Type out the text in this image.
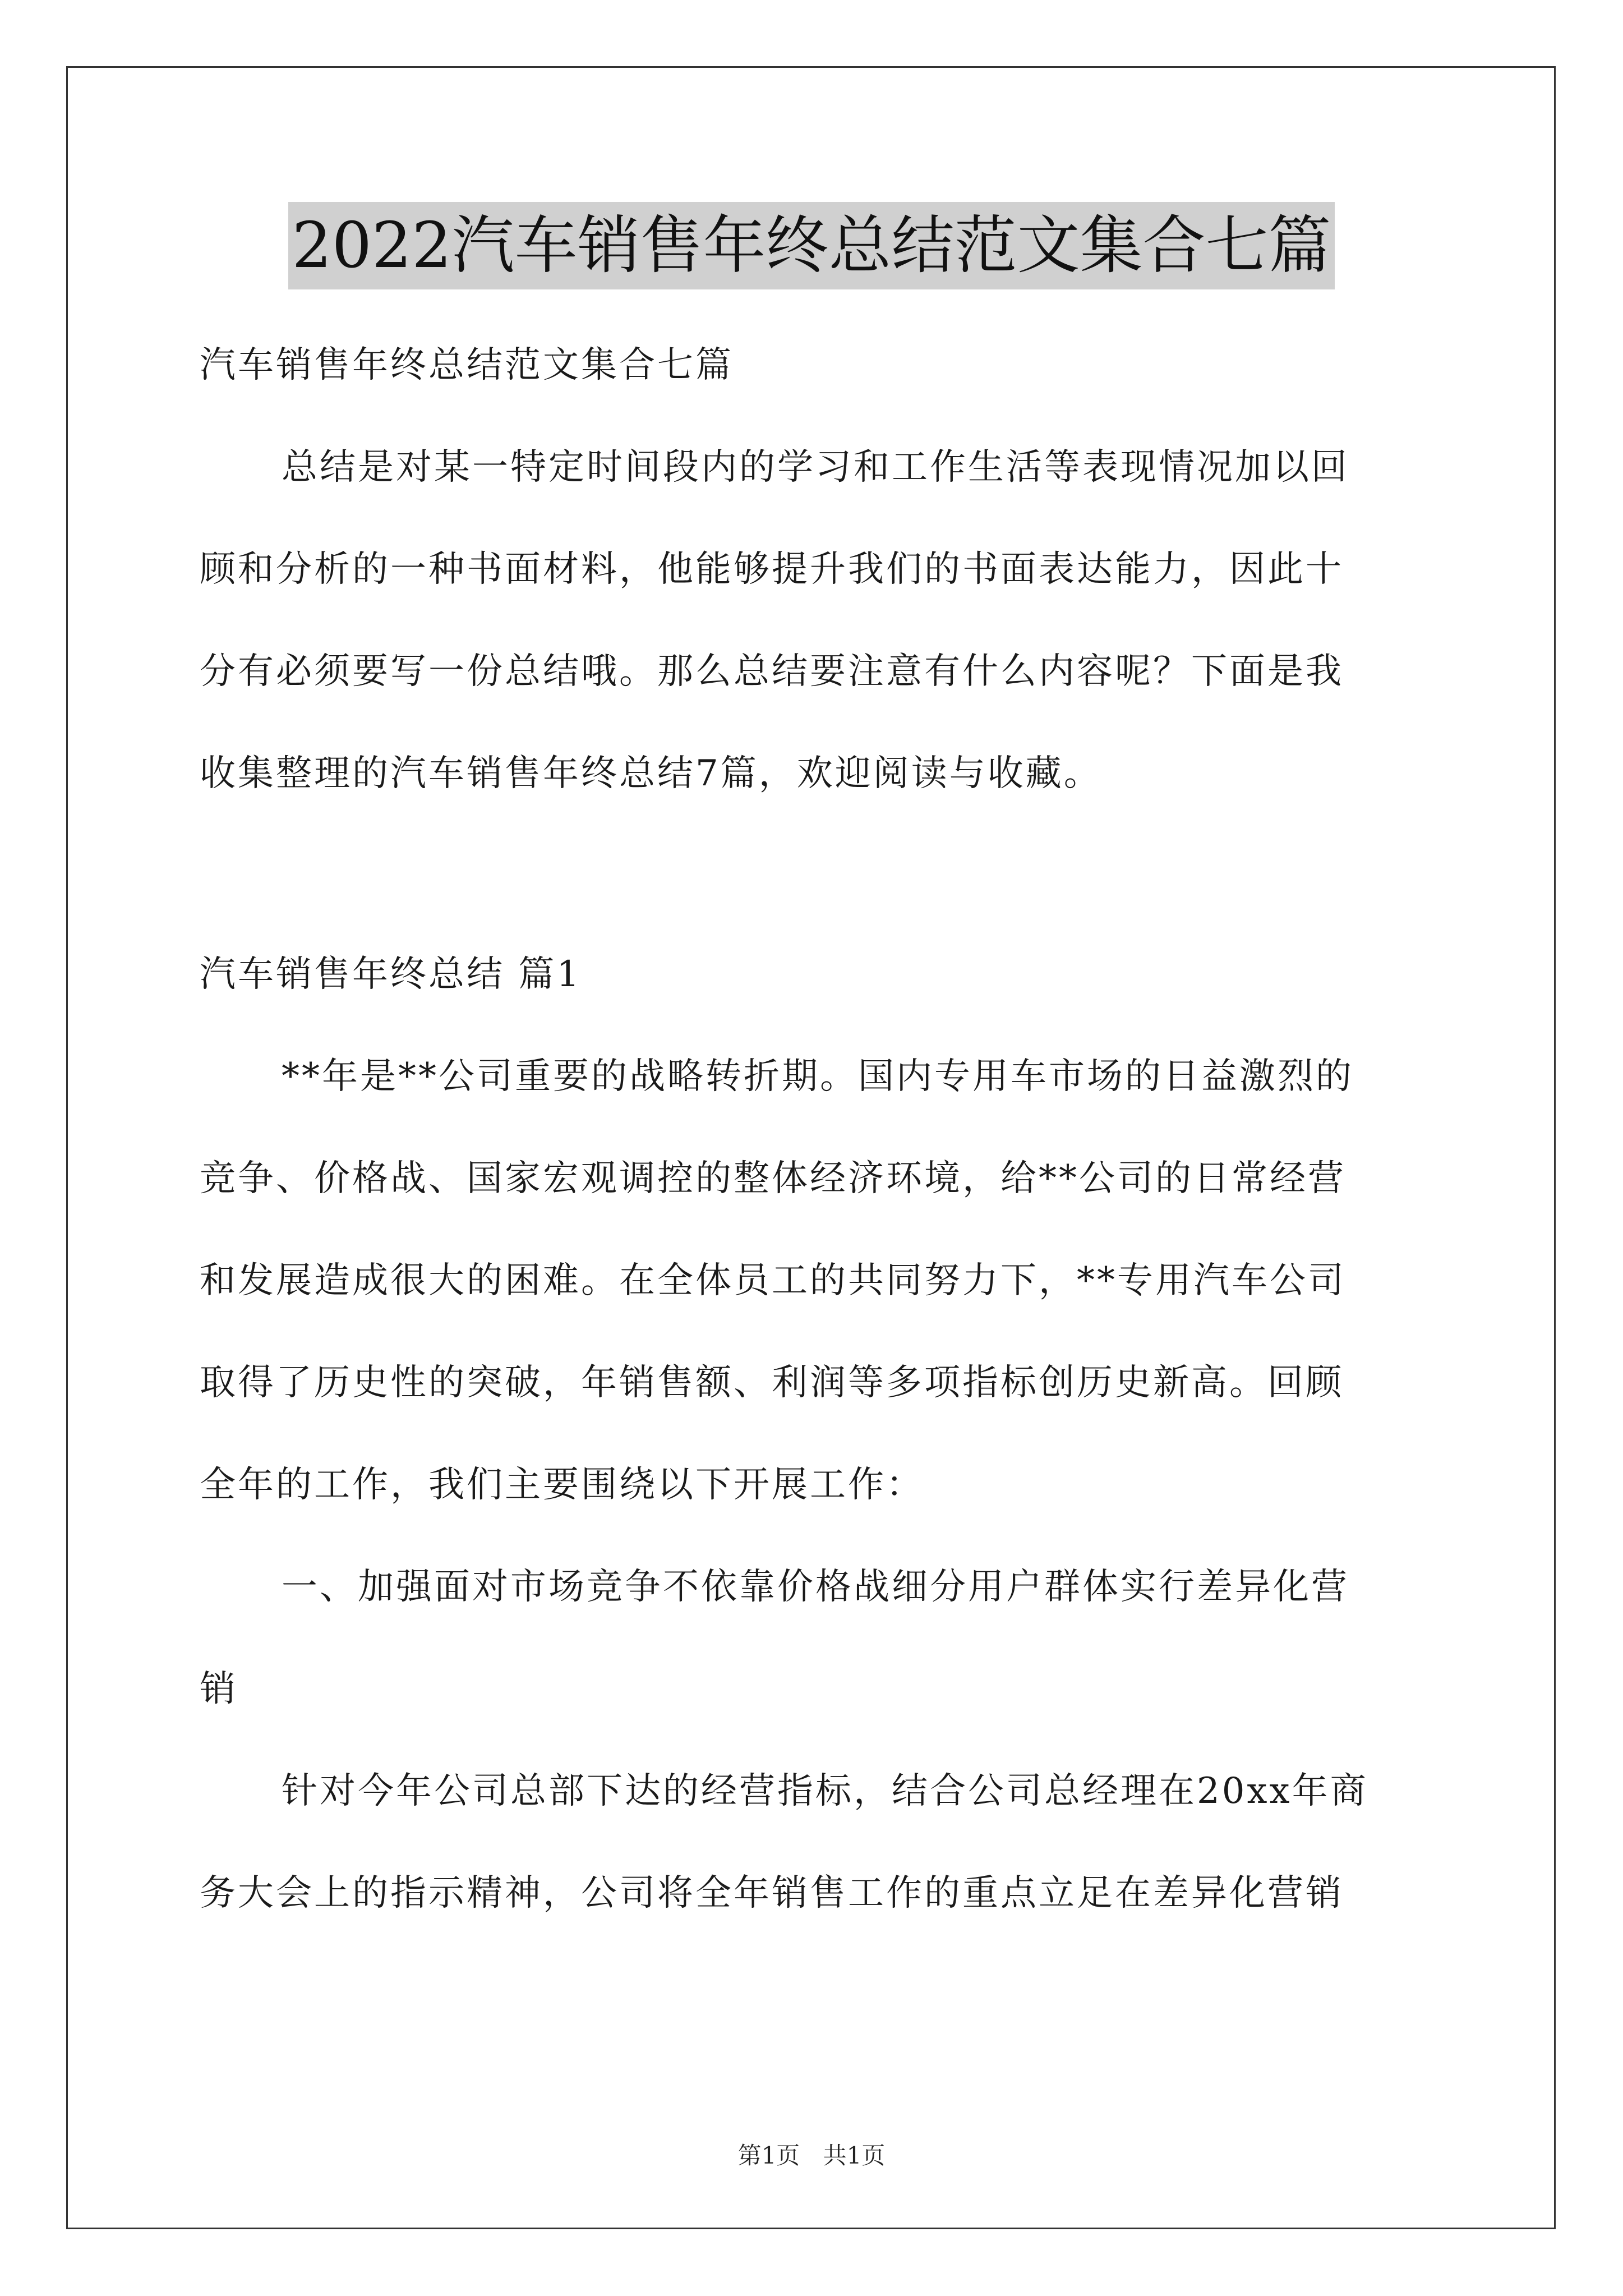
2022汽车销售年终总结范文集合七篇
汽车销售年终总结范文集合七篇
总结是对某一特定时间段内的学习和工作生活等表现情况加以回
顾和分析的一种书面材料，他能够提升我们的书面表达能力，因此十
分有必须要写一份总结哦。那么总结要注意有什么内容呢？下面是我
收集整理的汽车销售年终总结7篇，欢迎阅读与收藏。
汽车销售年终总结 篇1
**年是**公司重要的战略转折期。国内专用车市场的日益激烈的
竞争、价格战、国家宏观调控的整体经济环境，给**公司的日常经营
和发展造成很大的困难。在全体员工的共同努力下，**专用汽车公司
取得了历史性的突破，年销售额、利润等多项指标创历史新高。回顾
全年的工作，我们主要围绕以下开展工作：
一、加强面对市场竞争不依靠价格战细分用户群体实行差异化营
销
针对今年公司总部下达的经营指标，结合公司总经理在20xx年商
务大会上的指示精神，公司将全年销售工作的重点立足在差异化营销
第1页 共1页
